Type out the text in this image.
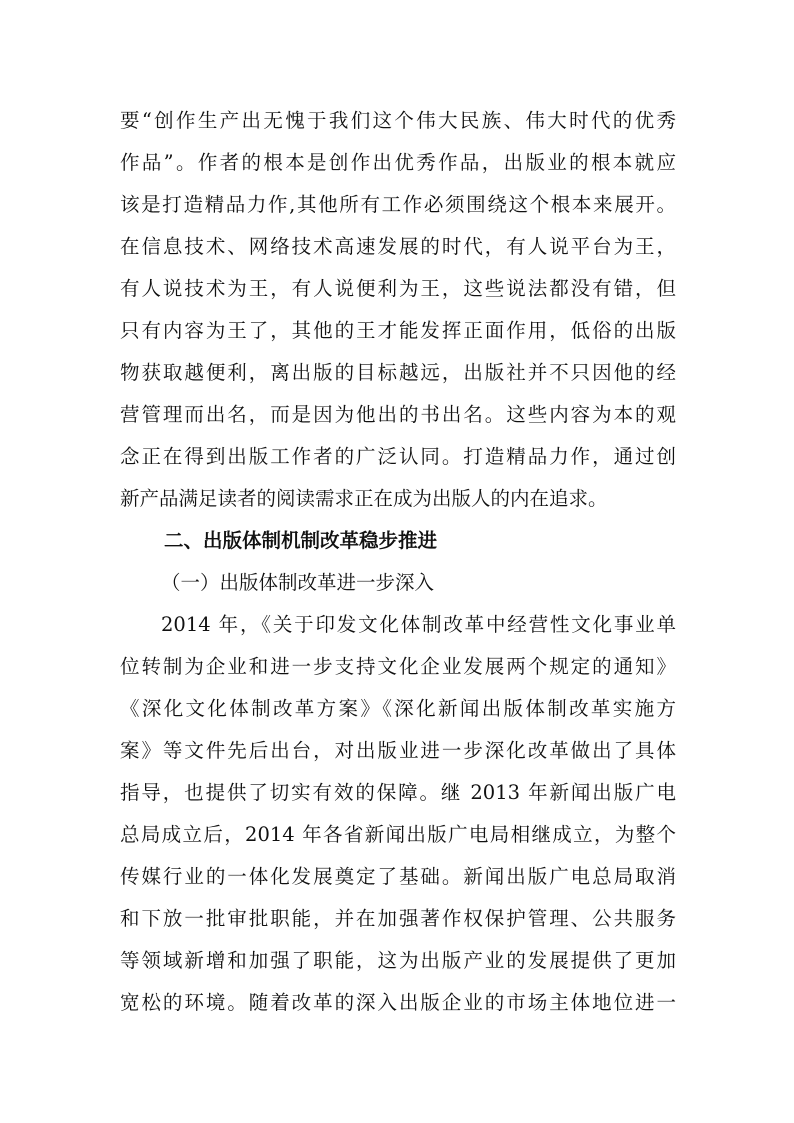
要“创作生产出无愧于我们这个伟大民族、伟大时代的优秀
作品”。作者的根本是创作出优秀作品，出版业的根本就应
该是打造精品力作,其他所有工作必须围绕这个根本来展开。
在信息技术、网络技术高速发展的时代，有人说平台为王，
有人说技术为王，有人说便利为王，这些说法都没有错，但
只有内容为王了，其他的王才能发挥正面作用，低俗的出版
物获取越便利，离出版的目标越远，出版社并不只因他的经
营管理而出名，而是因为他出的书出名。这些内容为本的观
念正在得到出版工作者的广泛认同。打造精品力作，通过创
新产品满足读者的阅读需求正在成为出版人的内在追求。
二、出版体制机制改革稳步推进
（一）出版体制改革进一步深入
2014 年，《关于印发文化体制改革中经营性文化事业单
位转制为企业和进一步支持文化企业发展两个规定的通知》
《深化文化体制改革方案》《深化新闻出版体制改革实施方
案》等文件先后出台，对出版业进一步深化改革做出了具体
指导，也提供了切实有效的保障。继 2013 年新闻出版广电
总局成立后，2014 年各省新闻出版广电局相继成立，为整个
传媒行业的一体化发展奠定了基础。新闻出版广电总局取消
和下放一批审批职能，并在加强著作权保护管理、公共服务
等领域新增和加强了职能，这为出版产业的发展提供了更加
宽松的环境。随着改革的深入出版企业的市场主体地位进一
